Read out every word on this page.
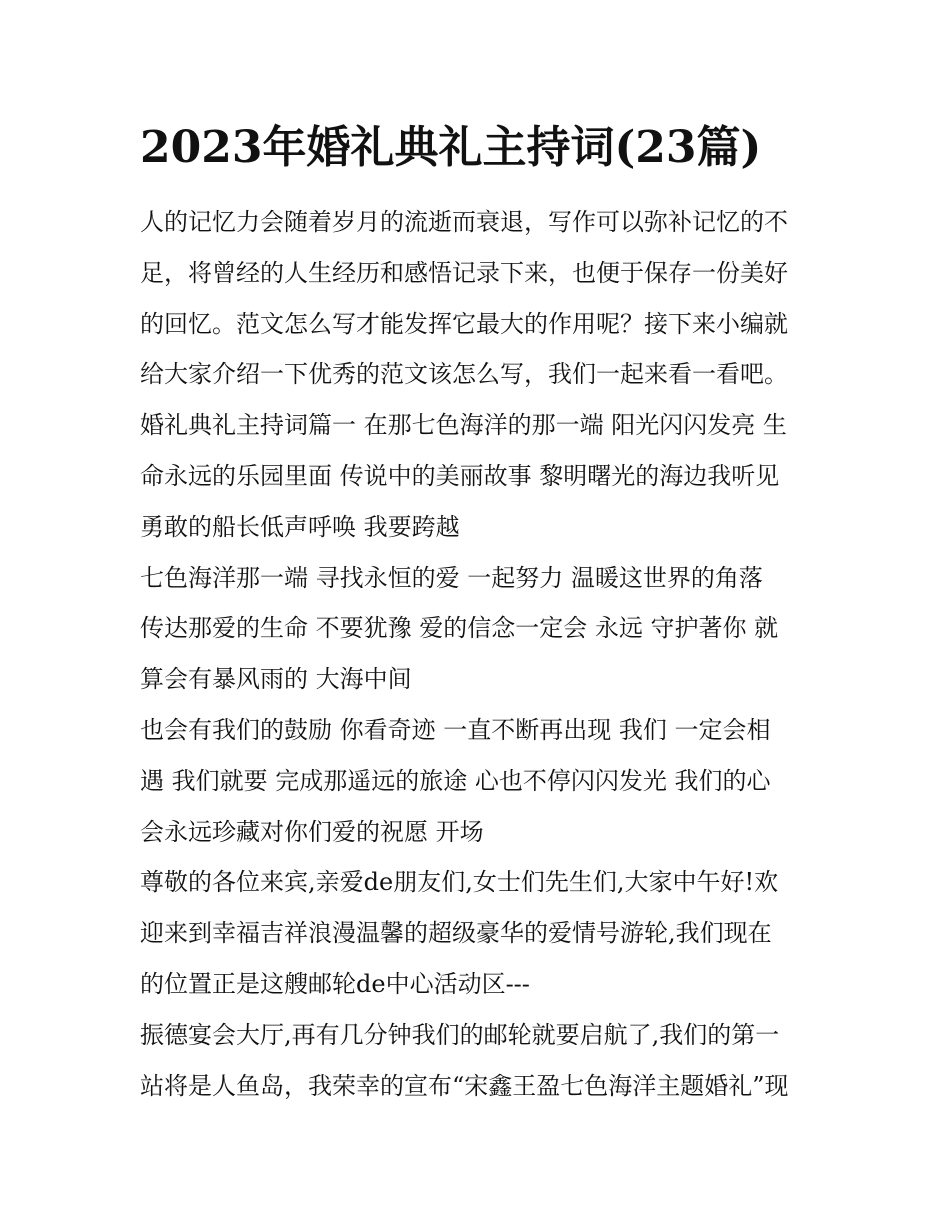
2023年婚礼典礼主持词(23篇)
人的记忆力会随着岁月的流逝而衰退，写作可以弥补记忆的不
足，将曾经的人生经历和感悟记录下来，也便于保存一份美好
的回忆。范文怎么写才能发挥它最大的作用呢？接下来小编就
给大家介绍一下优秀的范文该怎么写，我们一起来看一看吧。
婚礼典礼主持词篇一 在那七色海洋的那一端 阳光闪闪发亮 生
命永远的乐园里面 传说中的美丽故事 黎明曙光的海边我听见
勇敢的船长低声呼唤 我要跨越
七色海洋那一端 寻找永恒的爱 一起努力 温暖这世界的角落
传达那爱的生命 不要犹豫 爱的信念一定会 永远 守护著你 就
算会有暴风雨的 大海中间
也会有我们的鼓励 你看奇迹 一直不断再出现 我们 一定会相
遇 我们就要 完成那遥远的旅途 心也不停闪闪发光 我们的心
会永远珍藏对你们爱的祝愿 开场
尊敬的各位来宾,亲爱de朋友们,女士们先生们,大家中午好!欢
迎来到幸福吉祥浪漫温馨的超级豪华的爱情号游轮,我们现在
的位置正是这艘邮轮de中心活动区---
振德宴会大厅,再有几分钟我们的邮轮就要启航了,我们的第一
站将是人鱼岛，我荣幸的宣布“宋鑫王盈七色海洋主题婚礼”现
